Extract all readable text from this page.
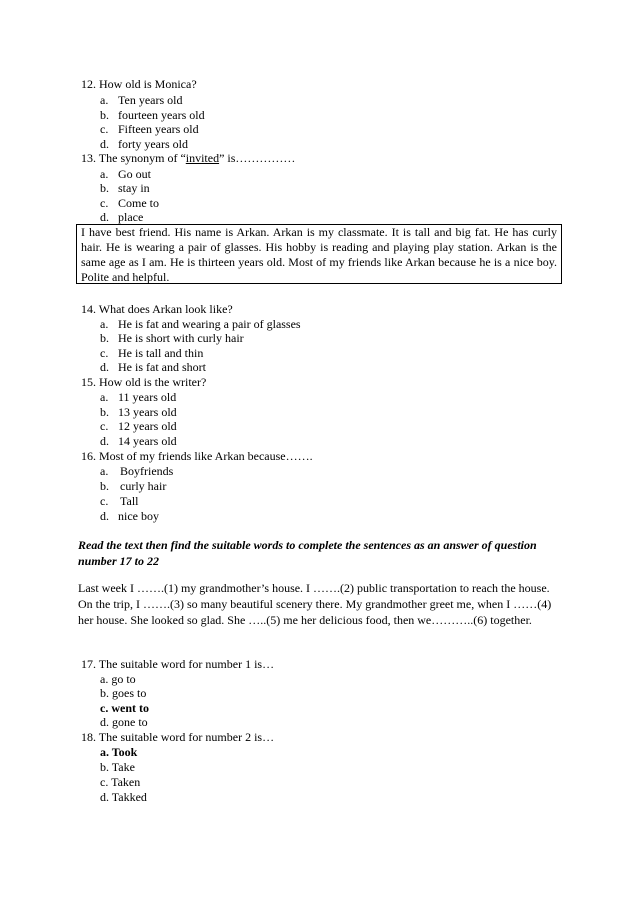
12. How old is Monica?
a. Ten years old
b. fourteen years old
c. Fifteen years old
d. forty years old
13. The synonym of “invited” is……………
a. Go out
b. stay in
c. Come to
d. place

I have best friend. His name is Arkan. Arkan is my classmate. It is tall and big fat. He has curly hair. He is wearing a pair of glasses. His hobby is reading and playing play station. Arkan is the same age as I am. He is thirteen years old. Most of my friends like Arkan because he is a nice boy. Polite and helpful.

14. What does Arkan look like?
a. He is fat and wearing a pair of glasses
b. He is short with curly hair
c. He is tall and thin
d. He is fat and short
15. How old is the writer?
a. 11 years old
b. 13 years old
c. 12 years old
d. 14 years old
16. Most of my friends like Arkan because…….
a. Boyfriends
b. curly hair
c. Tall
d. nice boy
Read the text then find the suitable words to complete the sentences as an answer of question number 17 to 22
Last week I …….(1) my grandmother’s house. I …….(2) public transportation to reach the house. On the trip, I …….(3) so many beautiful scenery there. My grandmother greet me, when I ……(4) her house. She looked so glad. She …..(5) me her delicious food, then we………..(6) together.
17. The suitable word for number 1 is…
a. go to
b. goes to
c. went to
d. gone to
18. The suitable word for number 2 is…
a. Took
b. Take
c. Taken
d. Takked
